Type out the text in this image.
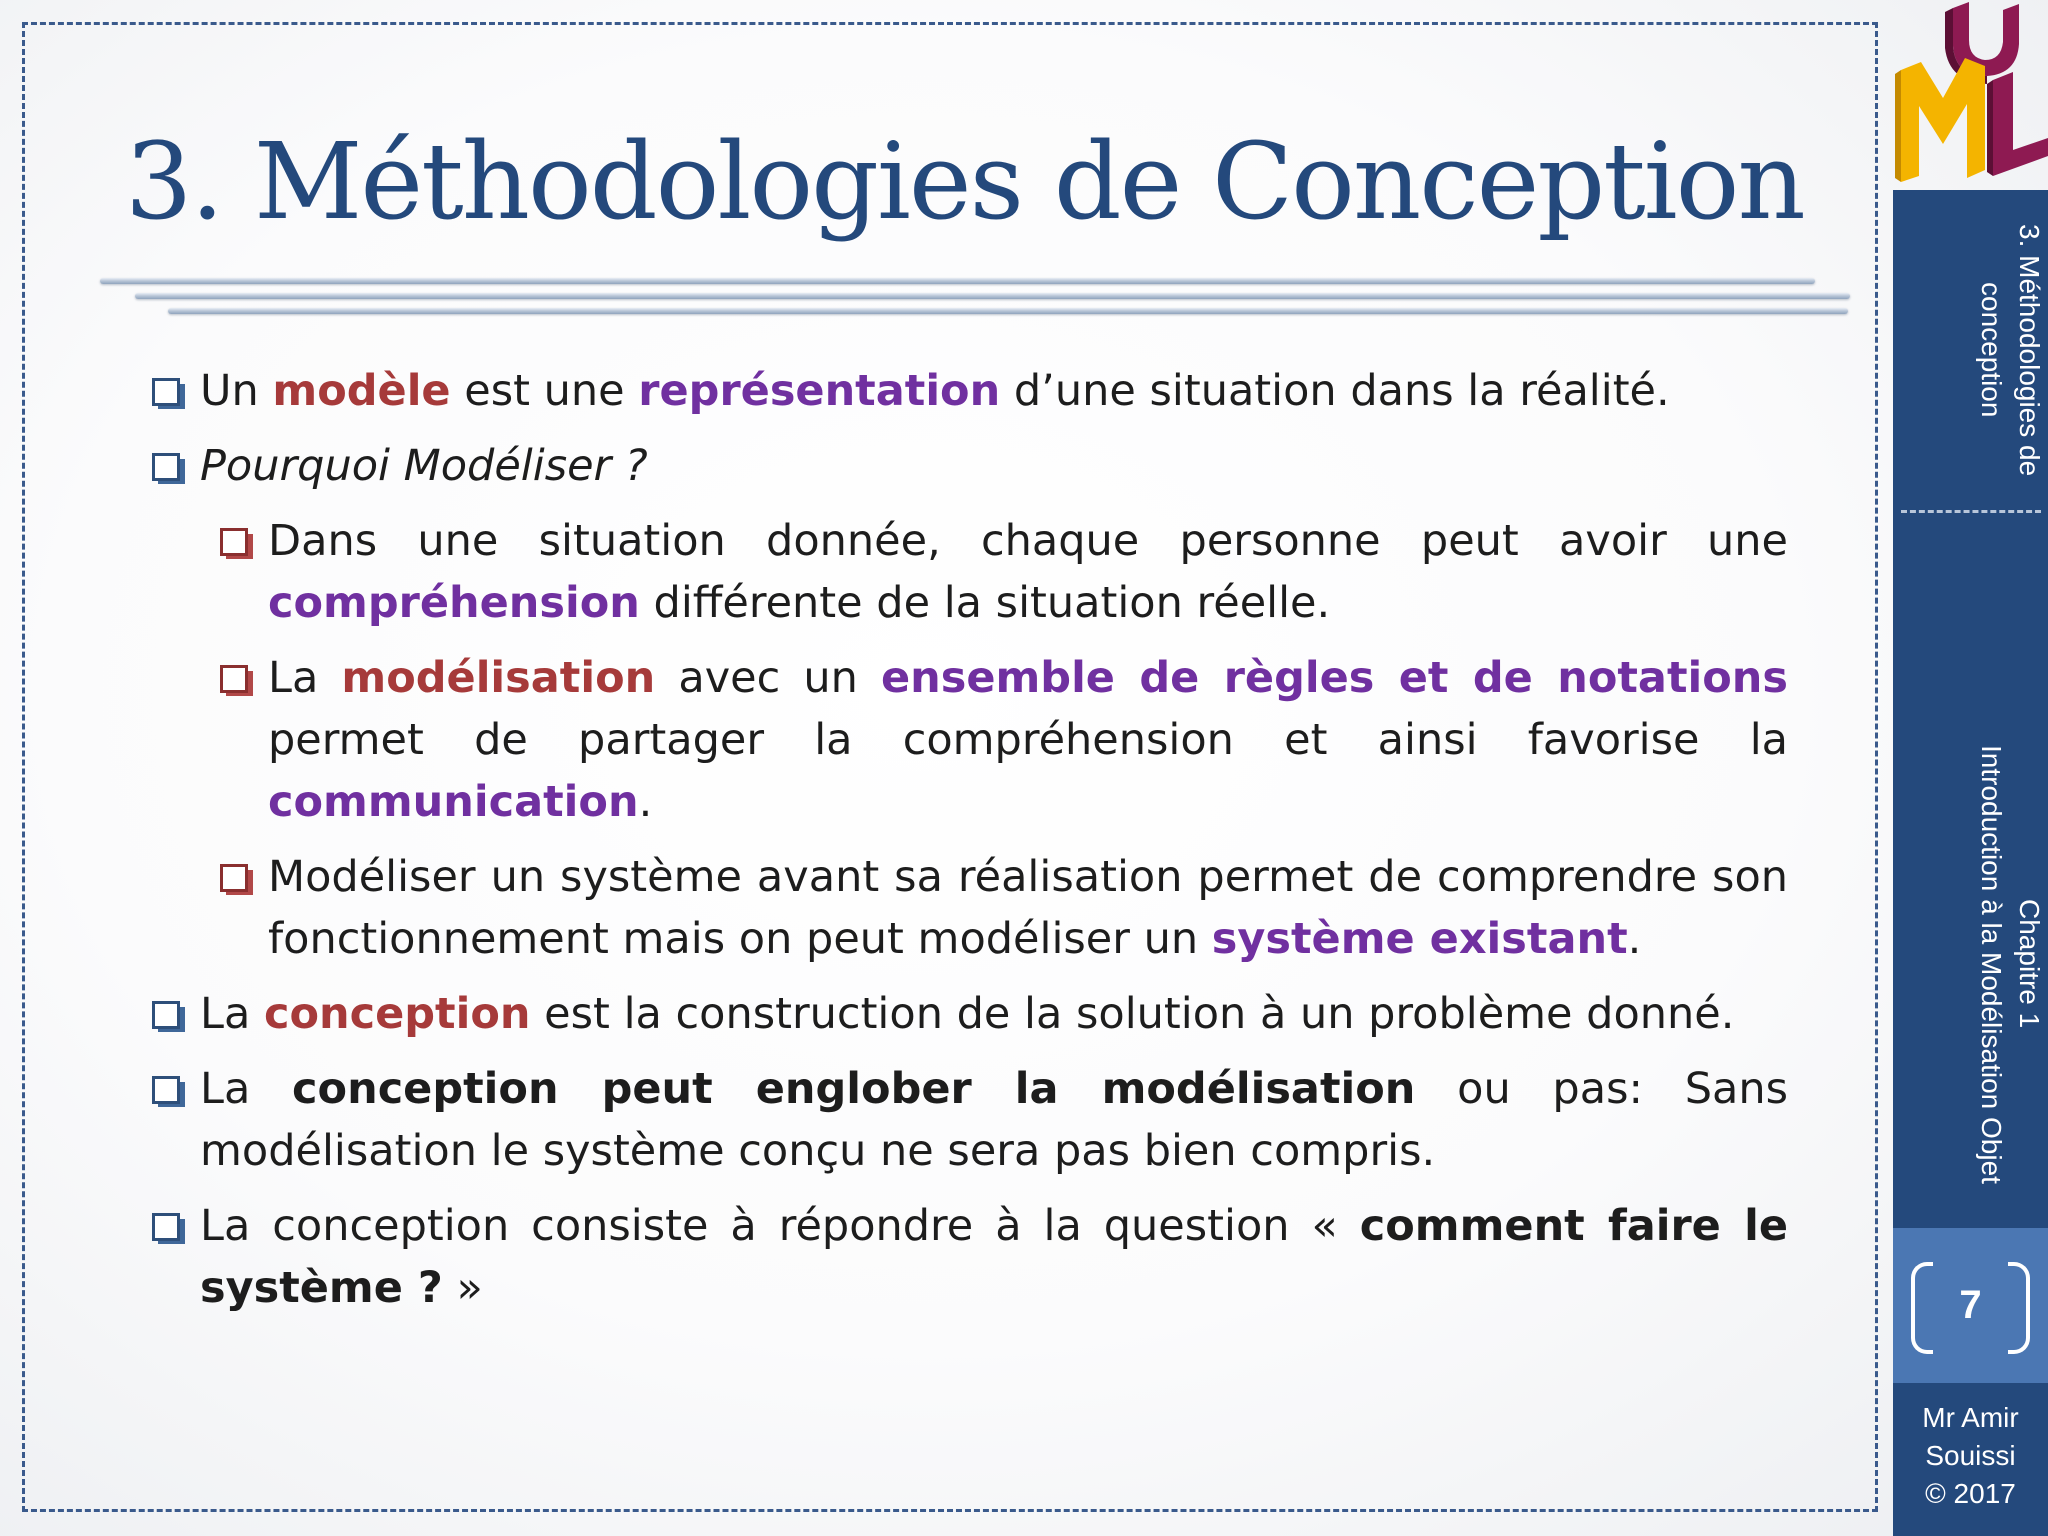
3. Méthodologies de Conception
Un modèle est une représentation d’une situation dans la réalité.
Pourquoi Modéliser ?
Dans une situation donnée, chaque personne peut avoir une compréhension différente de la situation réelle.
La modélisation avec un ensemble de règles et de notations permet de partager la compréhension et ainsi favorise la communication.
Modéliser un système avant sa réalisation permet de comprendre son fonctionnement mais on peut modéliser un système existant.
La conception est la construction de la solution à un problème donné.
La conception peut englober la modélisation ou pas: Sans modélisation le système conçu ne sera pas bien compris.
La conception consiste à répondre à la question « comment faire le système ? »
3. Méthodologies de conception
Chapitre 1
Introduction à la Modélisation Objet
7
Mr Amir
Souissi
© 2017
